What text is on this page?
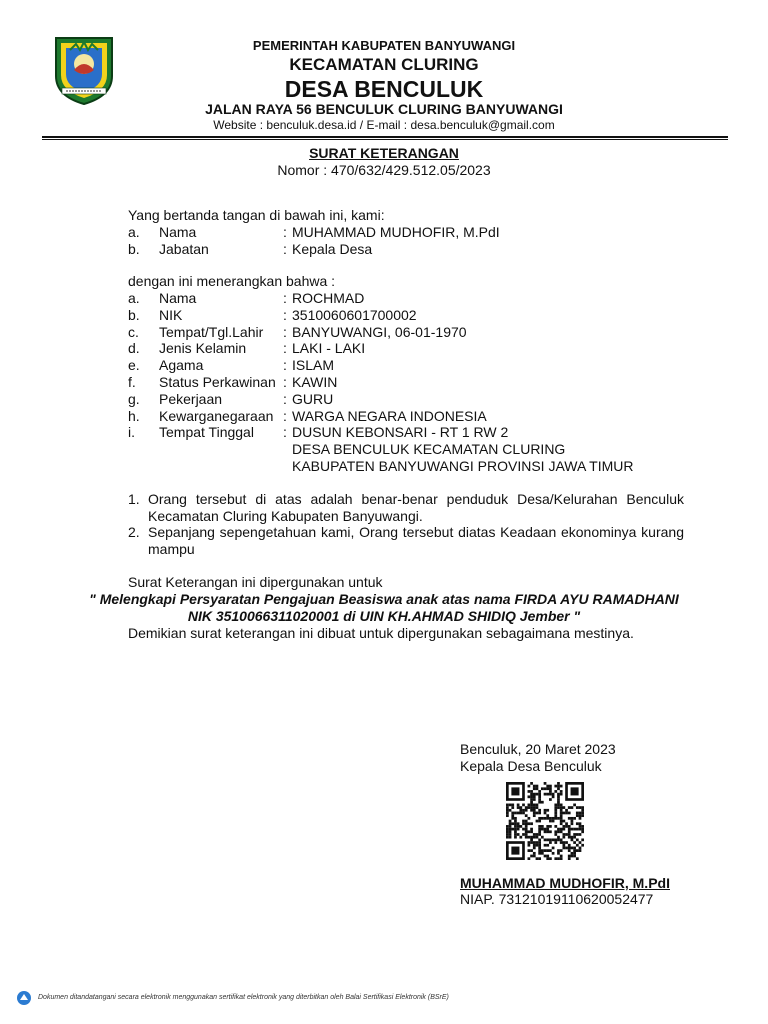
PEMERINTAH KABUPATEN BANYUWANGI
KECAMATAN CLURING
DESA BENCULUK
JALAN RAYA 56 BENCULUK CLURING BANYUWANGI
Website : benculuk.desa.id / E-mail : desa.benculuk@gmail.com
SURAT KETERANGAN
Nomor : 470/632/429.512.05/2023
Yang bertanda tangan di bawah ini, kami:
a. Nama	: MUHAMMAD MUDHOFIR, M.PdI
b. Jabatan	: Kepala Desa
dengan ini menerangkan bahwa :
a. Nama	: ROCHMAD
b. NIK	: 3510060601700002
c. Tempat/Tgl.Lahir : BANYUWANGI, 06-01-1970
d. Jenis Kelamin	: LAKI - LAKI
e. Agama	: ISLAM
f. Status Perkawinan : KAWIN
g. Pekerjaan	: GURU
h. Kewarganegaraan : WARGA NEGARA INDONESIA
i. Tempat Tinggal : DUSUN KEBONSARI - RT 1 RW 2
DESA BENCULUK KECAMATAN CLURING
KABUPATEN BANYUWANGI PROVINSI JAWA TIMUR
1. Orang tersebut di atas adalah benar-benar penduduk Desa/Kelurahan Benculuk Kecamatan Cluring Kabupaten Banyuwangi.
2. Sepanjang sepengetahuan kami, Orang tersebut diatas Keadaan ekonominya kurang mampu
Surat Keterangan ini dipergunakan untuk
" Melengkapi Persyaratan Pengajuan Beasiswa anak atas nama FIRDA AYU RAMADHANI
NIK 3510066311020001 di UIN KH.AHMAD SHIDIQ Jember "
Demikian surat keterangan ini dibuat untuk dipergunakan sebagaimana mestinya.
Benculuk, 20 Maret 2023
Kepala Desa Benculuk
MUHAMMAD MUDHOFIR, M.PdI
NIAP. 7312101911062005​2477
Dokumen ditandatangani secara elektronik menggunakan sertifikat elektronik yang diterbitkan oleh Balai Sertifikasi Elektronik (BSrE)
